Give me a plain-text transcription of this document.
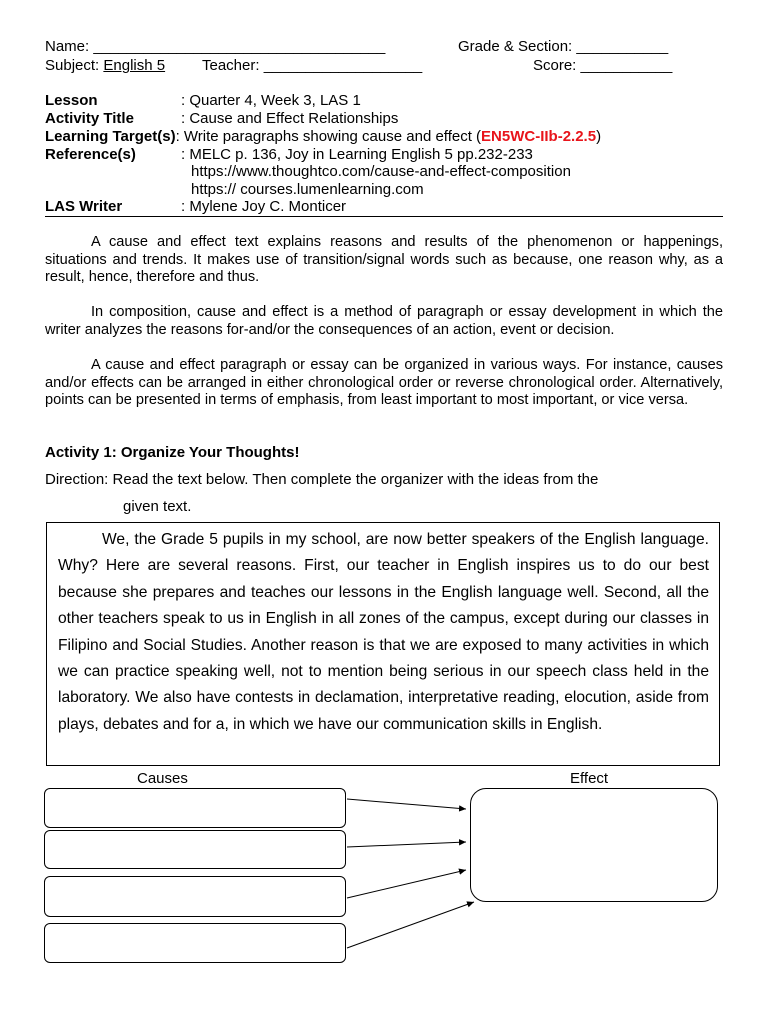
Name: ___________________________________	Grade & Section: ___________
Subject: English 5 Teacher: ___________________	Score: ___________
Lesson	: Quarter 4, Week 3, LAS 1
Activity Title	: Cause and Effect Relationships
Learning Target(s): Write paragraphs showing cause and effect (EN5WC-IIb-2.2.5)
Reference(s)	: MELC p. 136, Joy in Learning English 5 pp.232-233
https://www.thoughtco.com/cause-and-effect-composition
https:// courses.lumenlearning.com
LAS Writer	: Mylene Joy C. Monticer
A cause and effect text explains reasons and results of the phenomenon or happenings, situations and trends. It makes use of transition/signal words such as because, one reason why, as a result, hence, therefore and thus.
In composition, cause and effect is a method of paragraph or essay development in which the writer analyzes the reasons for-and/or the consequences of an action, event or decision.
A cause and effect paragraph or essay can be organized in various ways. For instance, causes and/or effects can be arranged in either chronological order or reverse chronological order. Alternatively, points can be presented in terms of emphasis, from least important to most important, or vice versa.
Activity 1: Organize Your Thoughts!
Direction: Read the text below. Then complete the organizer with the ideas from the
given text.
We, the Grade 5 pupils in my school, are now better speakers of the English language. Why? Here are several reasons. First, our teacher in English inspires us to do our best because she prepares and teaches our lessons in the English language well. Second, all the other teachers speak to us in English in all zones of the campus, except during our classes in Filipino and Social Studies. Another reason is that we are exposed to many activities in which we can practice speaking well, not to mention being serious in our speech class held in the laboratory. We also have contests in declamation, interpretative reading, elocution, aside from plays, debates and for a, in which we have our communication skills in English.
Causes	Effect
